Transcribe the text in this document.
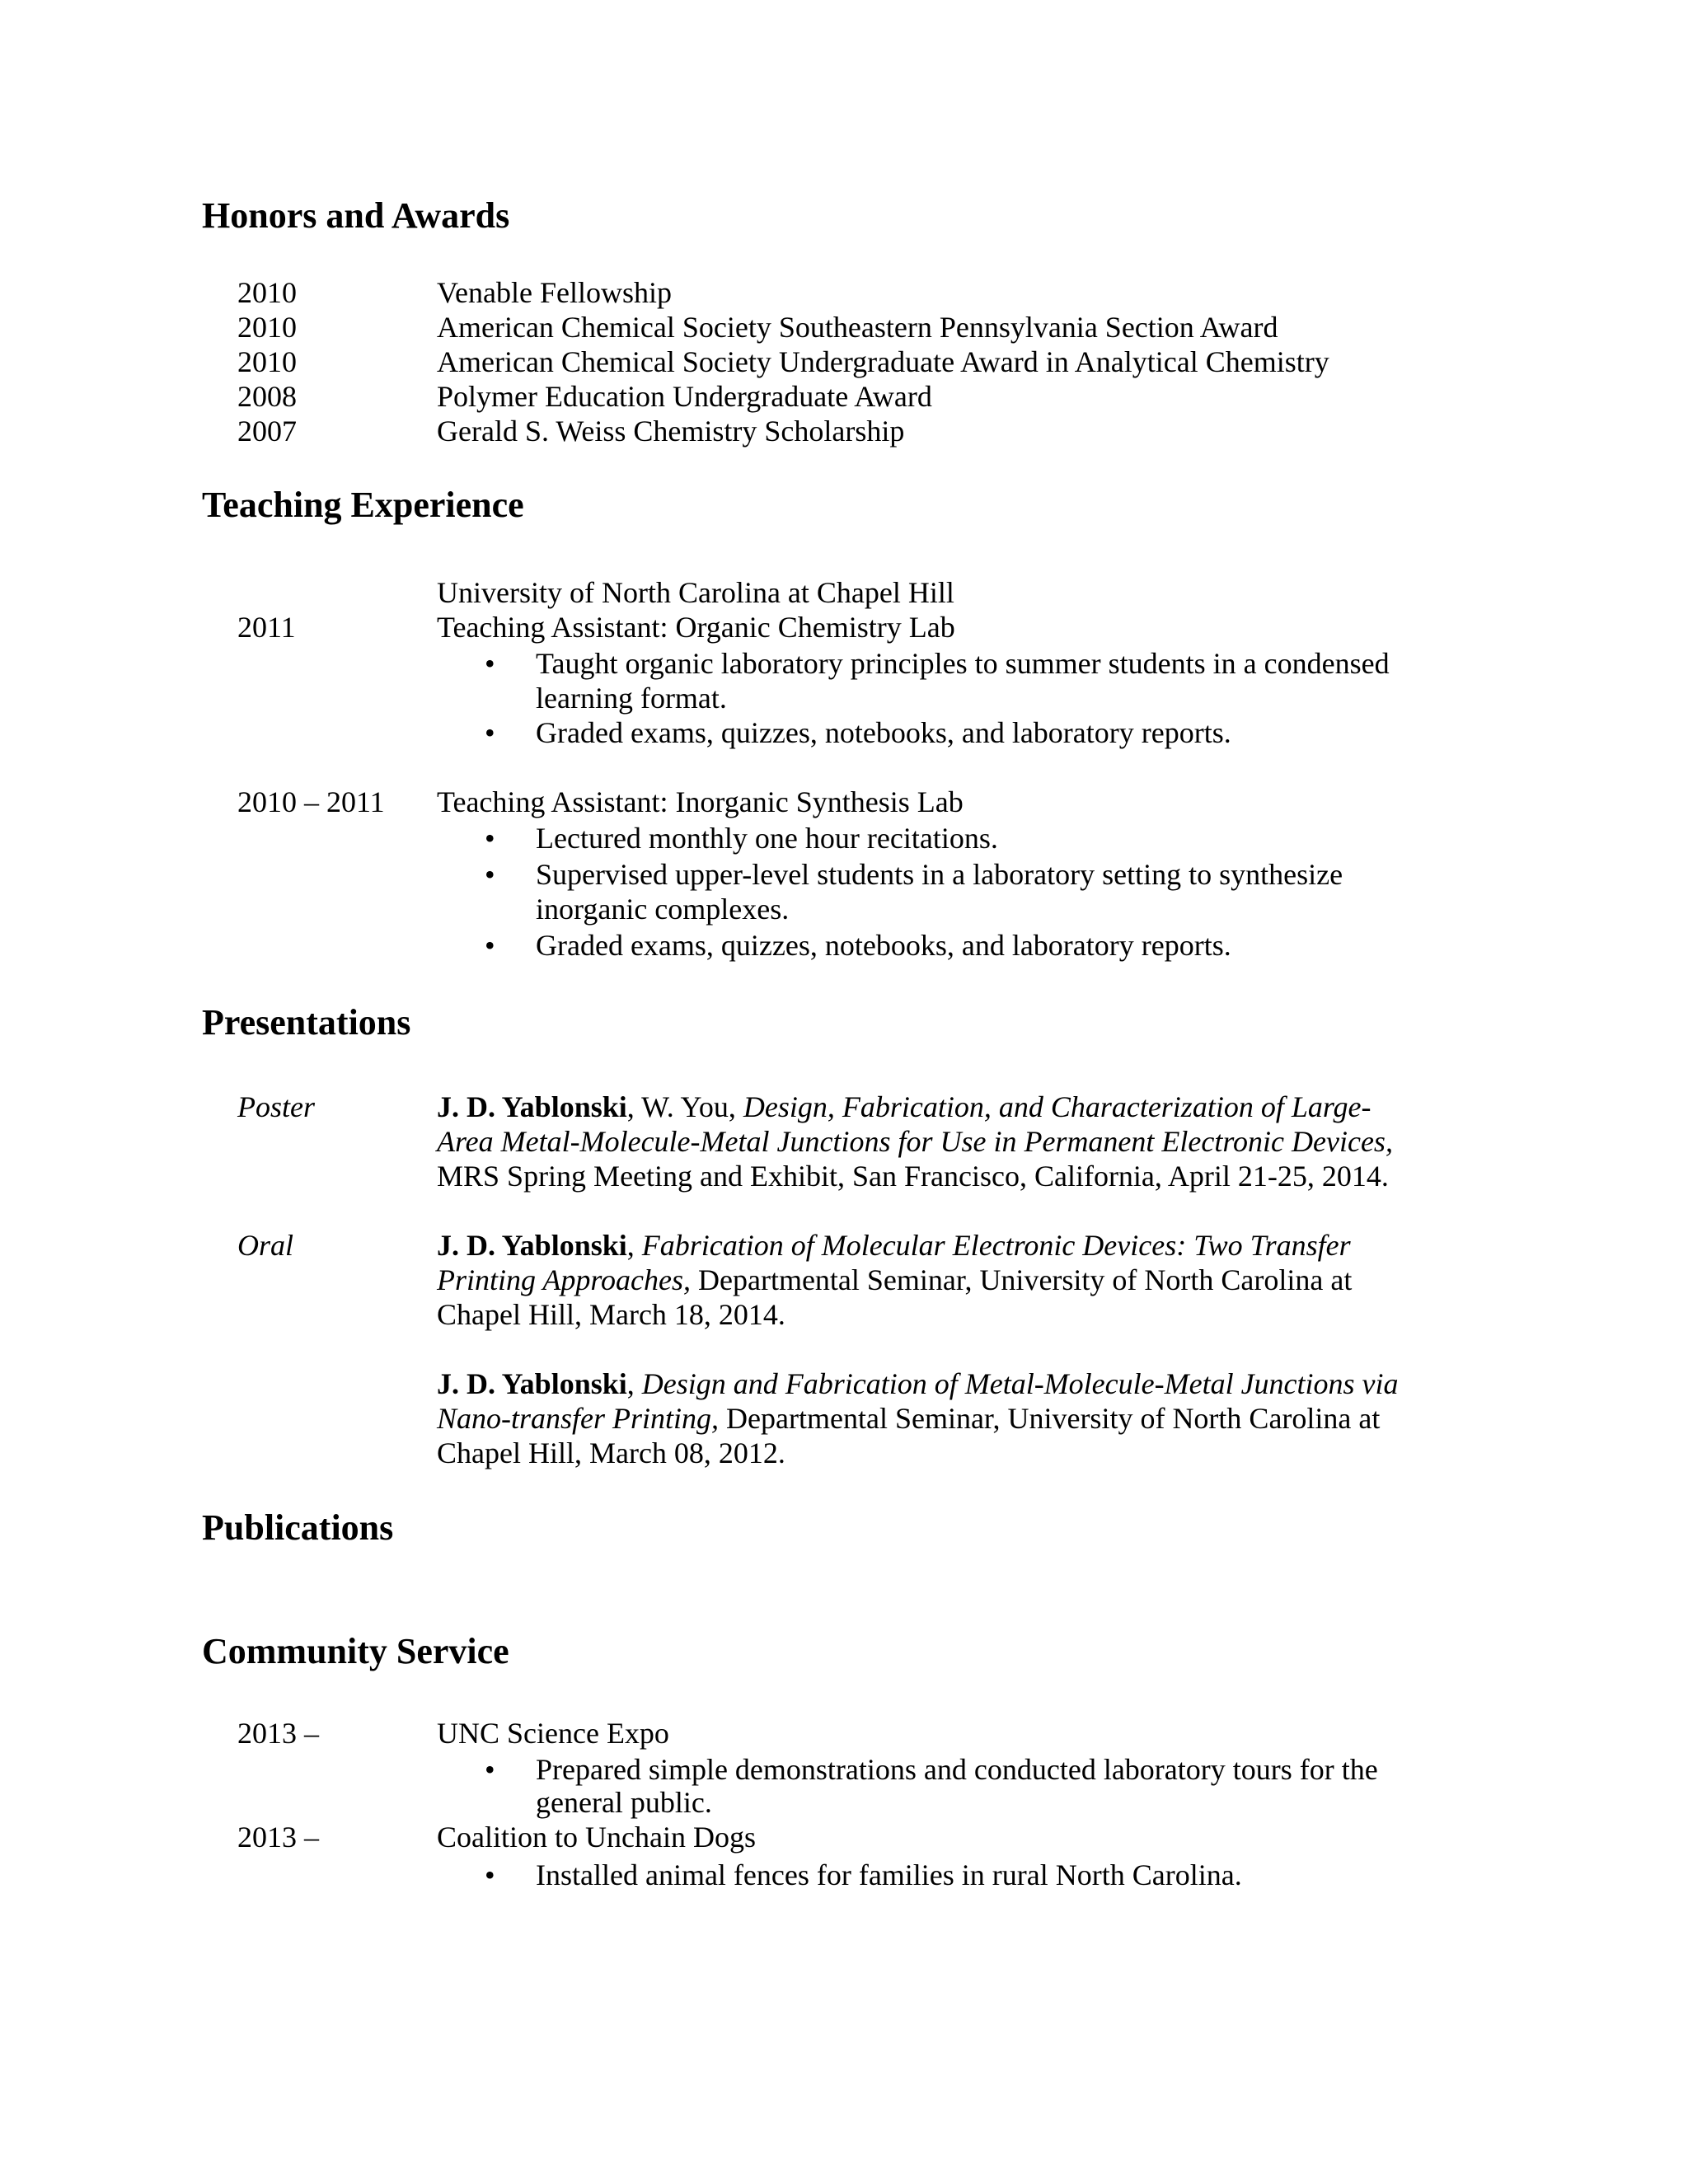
Honors and Awards
2010	Venable Fellowship
2010	American Chemical Society Southeastern Pennsylvania Section Award
2010	American Chemical Society Undergraduate Award in Analytical Chemistry
2008	Polymer Education Undergraduate Award
2007	Gerald S. Weiss Chemistry Scholarship
Teaching Experience
University of North Carolina at Chapel Hill
2011	Teaching Assistant: Organic Chemistry Lab
• Taught organic laboratory principles to summer students in a condensed
learning format.
• Graded exams, quizzes, notebooks, and laboratory reports.
2010 – 2011 Teaching Assistant: Inorganic Synthesis Lab
• Lectured monthly one hour recitations.
• Supervised upper-level students in a laboratory setting to synthesize
inorganic complexes.
• Graded exams, quizzes, notebooks, and laboratory reports.
Presentations
Poster	J. D. Yablonski, W. You, Design, Fabrication, and Characterization of Large-
Area Metal-Molecule-Metal Junctions for Use in Permanent Electronic Devices,
MRS Spring Meeting and Exhibit, San Francisco, California, April 21-25, 2014.
Oral	J. D. Yablonski, Fabrication of Molecular Electronic Devices: Two Transfer
Printing Approaches, Departmental Seminar, University of North Carolina at
Chapel Hill, March 18, 2014.
J. D. Yablonski, Design and Fabrication of Metal-Molecule-Metal Junctions via
Nano-transfer Printing, Departmental Seminar, University of North Carolina at
Chapel Hill, March 08, 2012.
Publications
Community Service
2013 –	UNC Science Expo
• Prepared simple demonstrations and conducted laboratory tours for the
general public.
2013 –	Coalition to Unchain Dogs
• Installed animal fences for families in rural North Carolina.
